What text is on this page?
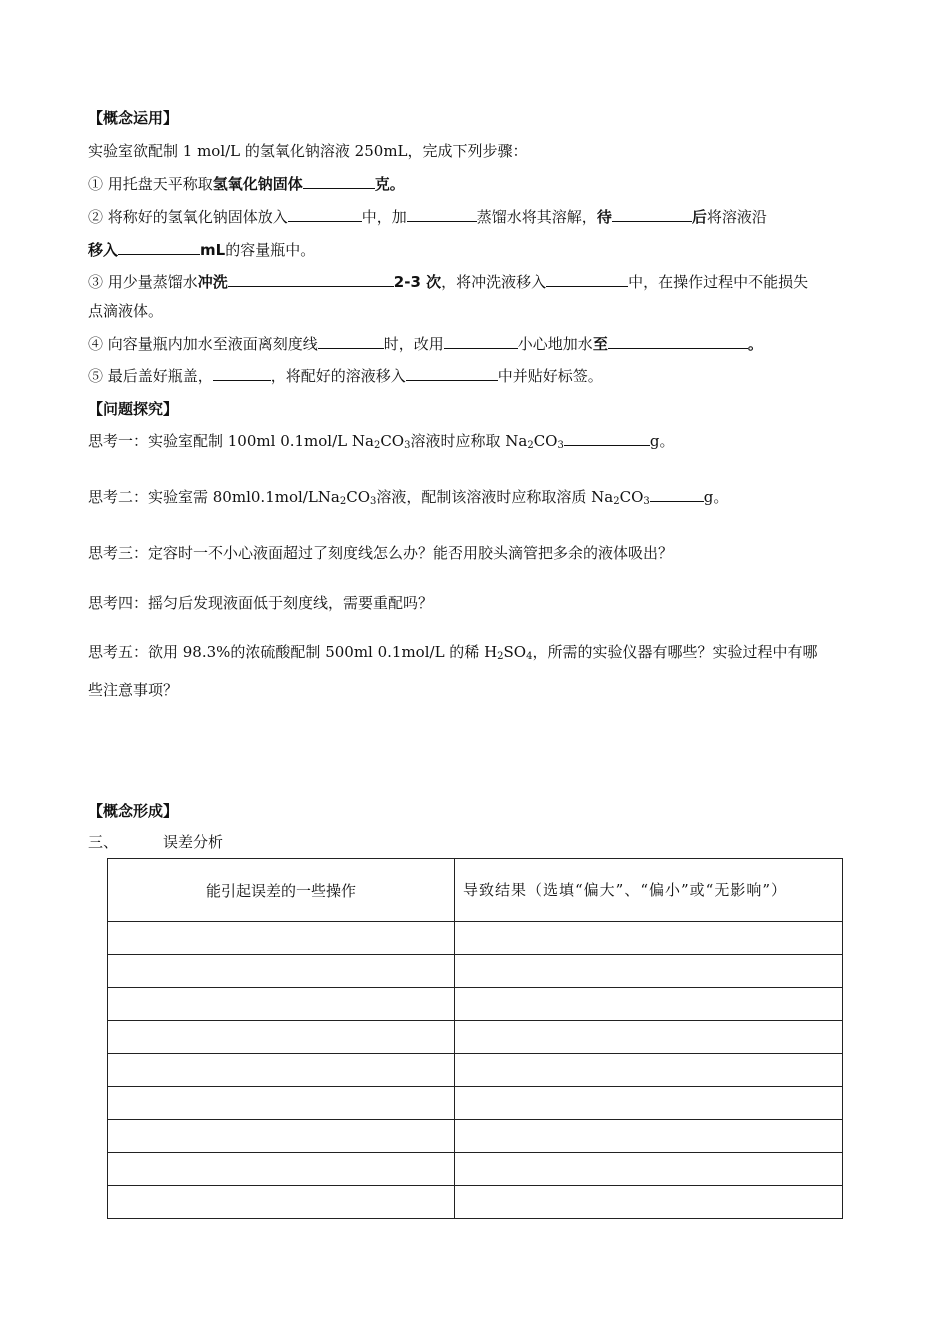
【概念运用】
实验室欲配制 1 mol/L 的氢氧化钠溶液 250mL，完成下列步骤：
① 用托盘天平称取氢氧化钠固体	克。
② 将称好的氢氧化钠固体放入	中，加	蒸馏水将其溶解，待	后将溶液沿
移入	mL的容量瓶中。
③ 用少量蒸馏水冲洗	2-3 次，将冲洗液移入	中，在操作过程中不能损失
点滴液体。
④ 向容量瓶内加水至液面离刻度线	时，改用	小心地加水至	。
⑤ 最后盖好瓶盖，	，将配好的溶液移入	中并贴好标签。
【问题探究】
思考一：实验室配制 100ml 0.1mol/L $Na_2CO_3$溶液时应称取 $Na_2CO_3$	g。
思考二：实验室需 $80ml0.1mol/LNa_2CO_3$溶液，配制该溶液时应称取溶质 $Na_2CO_3$	g。
思考三：定容时一不小心液面超过了刻度线怎么办？能否用胶头滴管把多余的液体吸出？
思考四：摇匀后发现液面低于刻度线，需要重配吗？
思考五：欲用 98.3%的浓硫酸配制 500ml 0.1mol/L 的稀 $H_2SO_4$，所需的实验仪器有哪些？实验过程中有哪
些注意事项？
【概念形成】
三、	误差分析
能引起误差的一些操作	导致结果（选填“偏大”、“偏小”或“无影响”）
